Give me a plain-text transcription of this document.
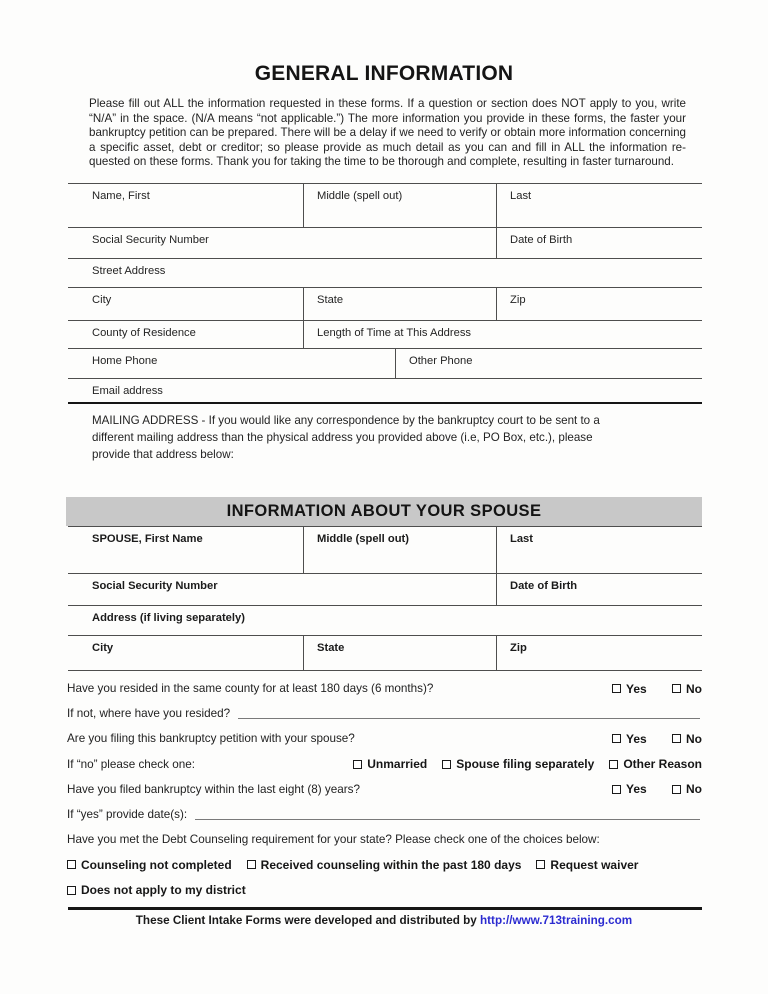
GENERAL INFORMATION
Please fill out ALL the information requested in these forms. If a question or section does NOT apply to you, write
“N/A” in the space. (N/A means “not applicable.”) The more information you provide in these forms, the faster your
bankruptcy petition can be prepared. There will be a delay if we need to verify or obtain more information concerning
a specific asset, debt or creditor; so please provide as much detail as you can and fill in ALL the information re-
quested on these forms. Thank you for taking the time to be thorough and complete, resulting in faster turnaround.
Name, First	Middle (spell out)	Last
Social Security Number	Date of Birth
Street Address
City	State	Zip
County of Residence	Length of Time at This Address
Home Phone	Other Phone
Email address
MAILING ADDRESS - If you would like any correspondence by the bankruptcy court to be sent to a
different mailing address than the physical address you provided above (i.e, PO Box, etc.), please
provide that address below:
INFORMATION ABOUT YOUR SPOUSE
SPOUSE, First Name	Middle (spell out)	Last
Social Security Number	Date of Birth
Address (if living separately)
City	State	Zip
Have you resided in the same county for at least 180 days (6 months)?	Yes	No
If not, where have you resided?
Are you filing this bankruptcy petition with your spouse?	Yes	No
If “no” please check one:	Unmarried Spouse filing separately Other Reason
Have you filed bankruptcy within the last eight (8) years?	Yes	No
If “yes” provide date(s):
Have you met the Debt Counseling requirement for your state? Please check one of the choices below:
Counseling not completed Received counseling within the past 180 days Request waiver
Does not apply to my district
These Client Intake Forms were developed and distributed by http://www.713training.com
